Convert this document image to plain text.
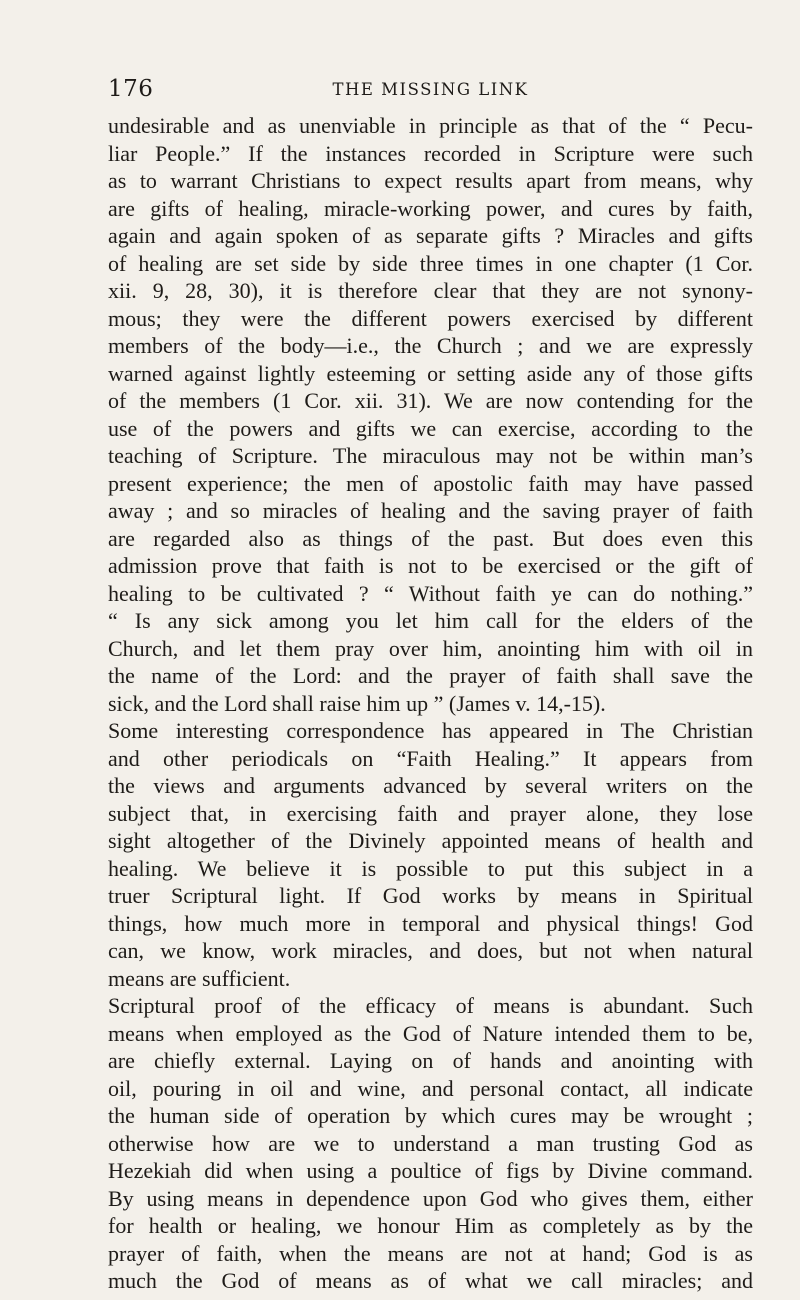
176	THE MISSING LINK
undesirable and as unenviable in principle as that of the “ Pecu-
liar People.” If the instances recorded in Scripture were such
as to warrant Christians to expect results apart from means, why
are gifts of healing, miracle-working power, and cures by faith,
again and again spoken of as separate gifts ? Miracles and gifts
of healing are set side by side three times in one chapter (1 Cor.
xii. 9, 28, 30), it is therefore clear that they are not synony-
mous; they were the different powers exercised by different
members of the body—i.e., the Church ; and we are expressly
warned against lightly esteeming or setting aside any of those gifts
of the members (1 Cor. xii. 31). We are now contending for the
use of the powers and gifts we can exercise, according to the
teaching of Scripture. The miraculous may not be within man’s
present experience; the men of apostolic faith may have passed
away ; and so miracles of healing and the saving prayer of faith
are regarded also as things of the past. But does even this
admission prove that faith is not to be exercised or the gift of
healing to be cultivated ? “ Without faith ye can do nothing.”
“ Is any sick among you let him call for the elders of the
Church, and let them pray over him, anointing him with oil in
the name of the Lord: and the prayer of faith shall save the
sick, and the Lord shall raise him up ” (James v. 14,-15).
Some interesting correspondence has appeared in The Christian
and other periodicals on “Faith Healing.” It appears from
the views and arguments advanced by several writers on the
subject that, in exercising faith and prayer alone, they lose
sight altogether of the Divinely appointed means of health and
healing. We believe it is possible to put this subject in a
truer Scriptural light. If God works by means in Spiritual
things, how much more in temporal and physical things! God
can, we know, work miracles, and does, but not when natural
means are sufficient.
Scriptural proof of the efficacy of means is abundant. Such
means when employed as the God of Nature intended them to be,
are chiefly external. Laying on of hands and anointing with
oil, pouring in oil and wine, and personal contact, all indicate
the human side of operation by which cures may be wrought ;
otherwise how are we to understand a man trusting God as
Hezekiah did when using a poultice of figs by Divine command.
By using means in dependence upon God who gives them, either
for health or healing, we honour Him as completely as by the
prayer of faith, when the means are not at hand; God is as
much the God of means as of what we call miracles; and
